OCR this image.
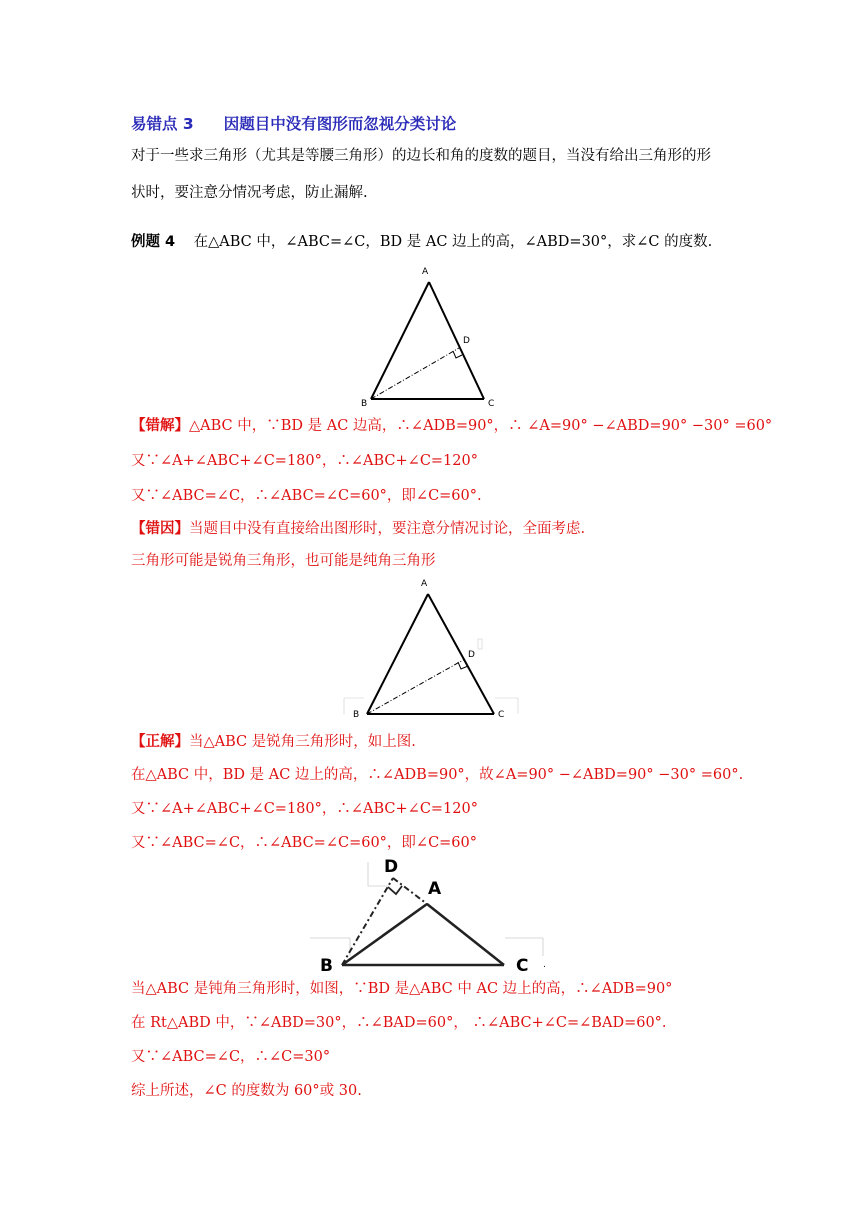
易错点 3 因题目中没有图形而忽视分类讨论
对于一些求三角形（尤其是等腰三角形）的边长和角的度数的题目，当没有给出三角形的形
状时，要注意分情况考虑，防止漏解.
例题 4 在△ABC 中，∠ABC=∠C，BD 是 AC 边上的高，∠ABD=30°，求∠C 的度数.
A
B	C
D
【错解】△ABC 中，∵BD 是 AC 边高，∴∠ADB=90°，∴ ∠A=90° −∠ABD=90° −30° =60°
又∵∠A+∠ABC+∠C=180°，∴∠ABC+∠C=120°
又∵∠ABC=∠C，∴∠ABC=∠C=60°，即∠C=60°.
【错因】当题目中没有直接给出图形时，要注意分情况讨论，全面考虑.
三角形可能是锐角三角形，也可能是纯角三角形
A
B	C
D
【正解】当△ABC 是锐角三角形时，如上图.
在△ABC 中，BD 是 AC 边上的高，∴∠ADB=90°，故∠A=90° −∠ABD=90° −30° =60°.
又∵∠A+∠ABC+∠C=180°，∴∠ABC+∠C=120°
又∵∠ABC=∠C，∴∠ABC=∠C=60°，即∠C=60°
D
A
B	C .
当△ABC 是钝角三角形时，如图，∵BD 是△ABC 中 AC 边上的高，∴∠ADB=90°
在 Rt△ABD 中，∵∠ABD=30°，∴∠BAD=60°， ∴∠ABC+∠C=∠BAD=60°.
又∵∠ABC=∠C，∴∠C=30°
综上所述，∠C 的度数为 60°或 30.
